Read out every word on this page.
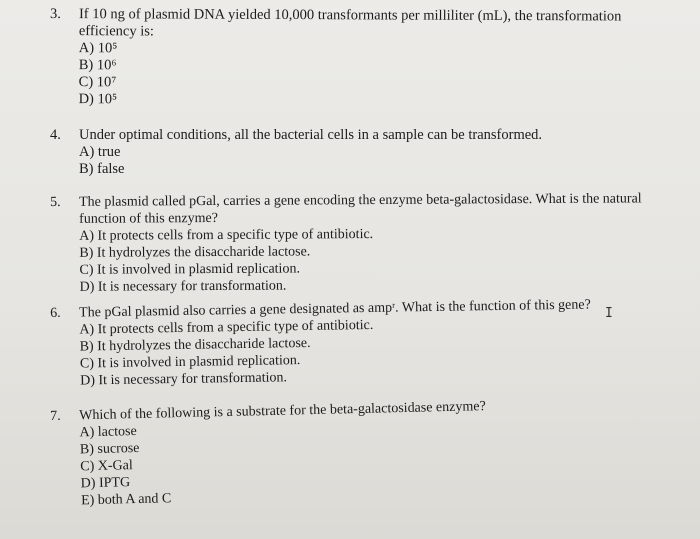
3.	If 10 ng of plasmid DNA yielded 10,000 transformants per milliliter (mL), the transformation
efficiency is:
A) 10⁵
B) 10⁶
C) 10⁷
D) 10⁵
4.	Under optimal conditions, all the bacterial cells in a sample can be transformed.
A) true
B) false
5.	The plasmid called pGal, carries a gene encoding the enzyme beta-galactosidase. What is the natural
function of this enzyme?
A) It protects cells from a specific type of antibiotic.
B) It hydrolyzes the disaccharide lactose.
C) It is involved in plasmid replication.
D) It is necessary for transformation.
6.	The pGal plasmid also carries a gene designated as ampʳ. What is the function of this gene?
A) It protects cells from a specific type of antibiotic.
B) It hydrolyzes the disaccharide lactose.
C) It is involved in plasmid replication.
D) It is necessary for transformation.
7.	Which of the following is a substrate for the beta-galactosidase enzyme?
A) lactose
B) sucrose
C) X-Gal
D) IPTG
E) both A and C
I
